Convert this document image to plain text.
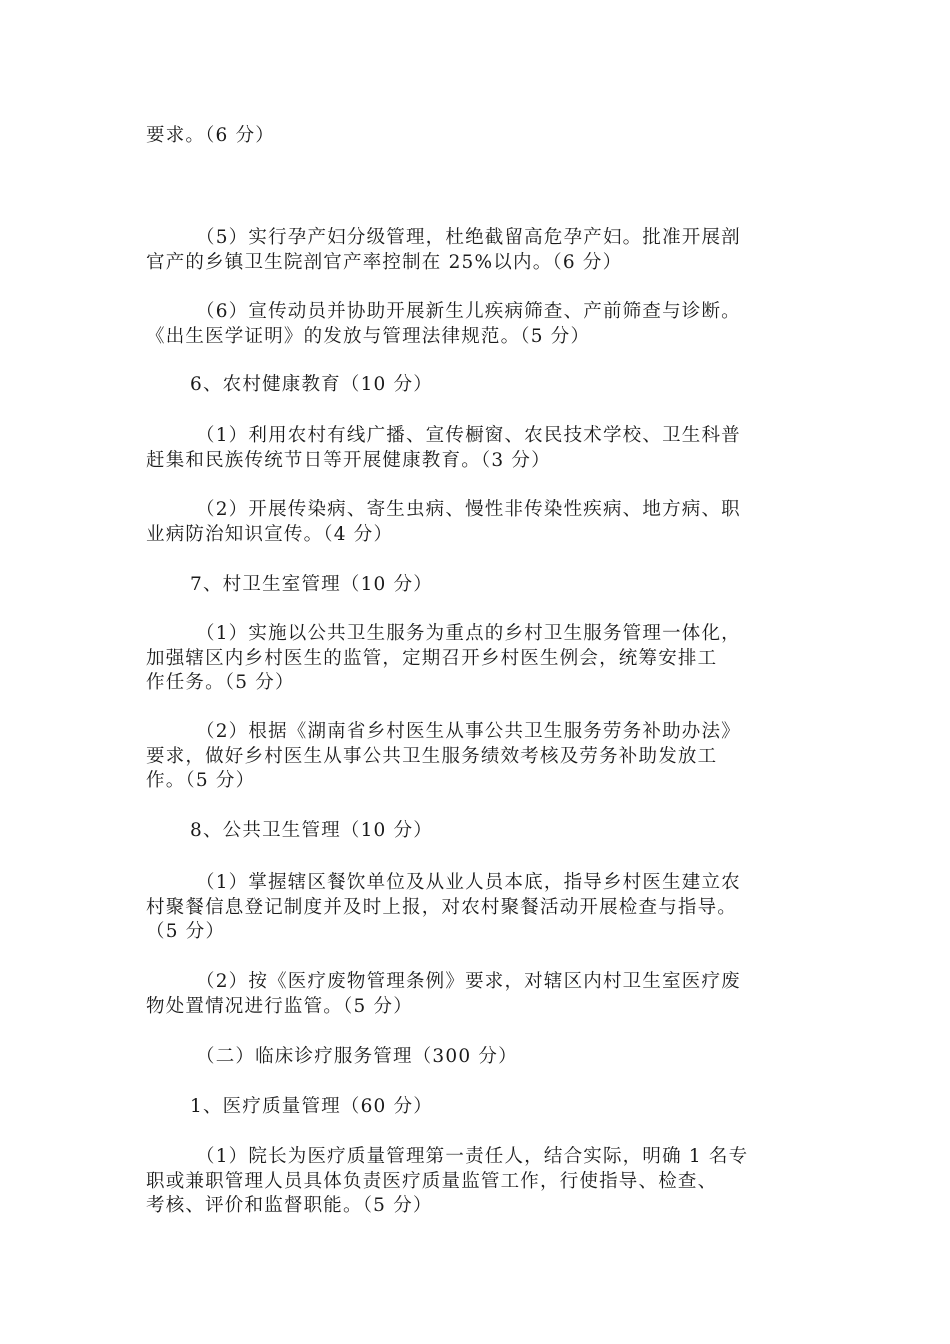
要求。（6 分）
（5）实行孕产妇分级管理，杜绝截留高危孕产妇。批准开展剖
官产的乡镇卫生院剖官产率控制在 25%以内。（6 分）
（6）宣传动员并协助开展新生儿疾病筛查、产前筛查与诊断。
《出生医学证明》的发放与管理法律规范。（5 分）
6、农村健康教育（10 分）
（1）利用农村有线广播、宣传橱窗、农民技术学校、卫生科普
赶集和民族传统节日等开展健康教育。（3 分）
（2）开展传染病、寄生虫病、慢性非传染性疾病、地方病、职
业病防治知识宣传。（4 分）
7、村卫生室管理（10 分）
（1）实施以公共卫生服务为重点的乡村卫生服务管理一体化，
加强辖区内乡村医生的监管，定期召开乡村医生例会，统筹安排工
作任务。（5 分）
（2）根据《湖南省乡村医生从事公共卫生服务劳务补助办法》
要求，做好乡村医生从事公共卫生服务绩效考核及劳务补助发放工
作。（5 分）
8、公共卫生管理（10 分）
（1）掌握辖区餐饮单位及从业人员本底，指导乡村医生建立农
村聚餐信息登记制度并及时上报，对农村聚餐活动开展检查与指导。
（5 分）
（2）按《医疗废物管理条例》要求，对辖区内村卫生室医疗废
物处置情况进行监管。（5 分）
（二）临床诊疗服务管理（300 分）
1、医疗质量管理（60 分）
（1）院长为医疗质量管理第一责任人，结合实际，明确 1 名专
职或兼职管理人员具体负责医疗质量监管工作，行使指导、检查、
考核、评价和监督职能。（5 分）
